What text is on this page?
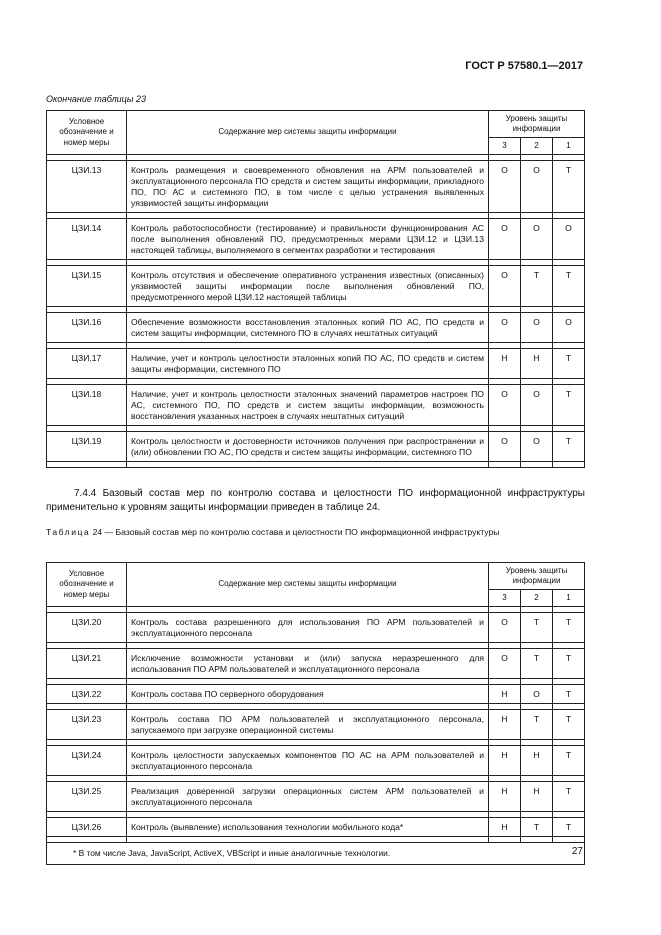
ГОСТ Р 57580.1—2017
Окончание таблицы 23
Условное обозначение и номер меры	Содержание мер системы защиты информации	Уровень защиты информации		
		3	2	1

ЦЗИ.13	Контроль размещения и своевременного обновления на АРМ пользователей и эксплуатационного персонала ПО средств и систем защиты информации, прикладного ПО, ПО АС и системного ПО, в том числе с целью устранения выявленных уязвимостей защиты информации	О	О	Т

ЦЗИ.14	Контроль работоспособности (тестирование) и правильности функционирования АС после выполнения обновлений ПО, предусмотренных мерами ЦЗИ.12 и ЦЗИ.13 настоящей таблицы, выполняемого в сегментах разработки и тестирования	О	О	О

ЦЗИ.15	Контроль отсутствия и обеспечение оперативного устранения известных (описанных) уязвимостей защиты информации после выполнения обновлений ПО, предусмотренного мерой ЦЗИ.12 настоящей таблицы	О	Т	Т

ЦЗИ.16	Обеспечение возможности восстановления эталонных копий ПО АС, ПО средств и систем защиты информации, системного ПО в случаях нештатных ситуаций	О	О	О

ЦЗИ.17	Наличие, учет и контроль целостности эталонных копий ПО АС, ПО средств и систем защиты информации, системного ПО	Н	Н	Т

ЦЗИ.18	Наличие, учет и контроль целостности эталонных значений параметров настроек ПО АС, системного ПО, ПО средств и систем защиты информации, возможность восстановления указанных настроек в случаях нештатных ситуаций	О	О	Т

ЦЗИ.19	Контроль целостности и достоверности источников получения при распространении и (или) обновлении ПО АС, ПО средств и систем защиты информации, системного ПО	О	О	Т

7.4.4 Базовый состав мер по контролю состава и целостности ПО информационной инфраструктуры применительно к уровням защиты информации приведен в таблице 24.
Таблица 24 — Базовый состав мер по контролю состава и целостности ПО информационной инфраструктуры
Условное обозначение и номер меры	Содержание мер системы защиты информации	Уровень защиты информации		
		3	2	1

ЦЗИ.20	Контроль состава разрешенного для использования ПО АРМ пользователей и эксплуатационного персонала	О	Т	Т

ЦЗИ.21	Исключение возможности установки и (или) запуска неразрешенного для использования ПО АРМ пользователей и эксплуатационного персонала	О	Т	Т

ЦЗИ.22	Контроль состава ПО серверного оборудования	Н	О	Т

ЦЗИ.23	Контроль состава ПО АРМ пользователей и эксплуатационного персонала, запускаемого при загрузке операционной системы	Н	Т	Т

ЦЗИ.24	Контроль целостности запускаемых компонентов ПО АС на АРМ пользователей и эксплуатационного персонала	Н	Н	Т

ЦЗИ.25	Реализация доверенной загрузки операционных систем АРМ пользователей и эксплуатационного персонала	Н	Н	Т

ЦЗИ.26	Контроль (выявление) использования технологии мобильного кода*	Н	Т	Т

* В том числе Java, JavaScript, ActiveX, VBScript и иные аналогичные технологии.					27
